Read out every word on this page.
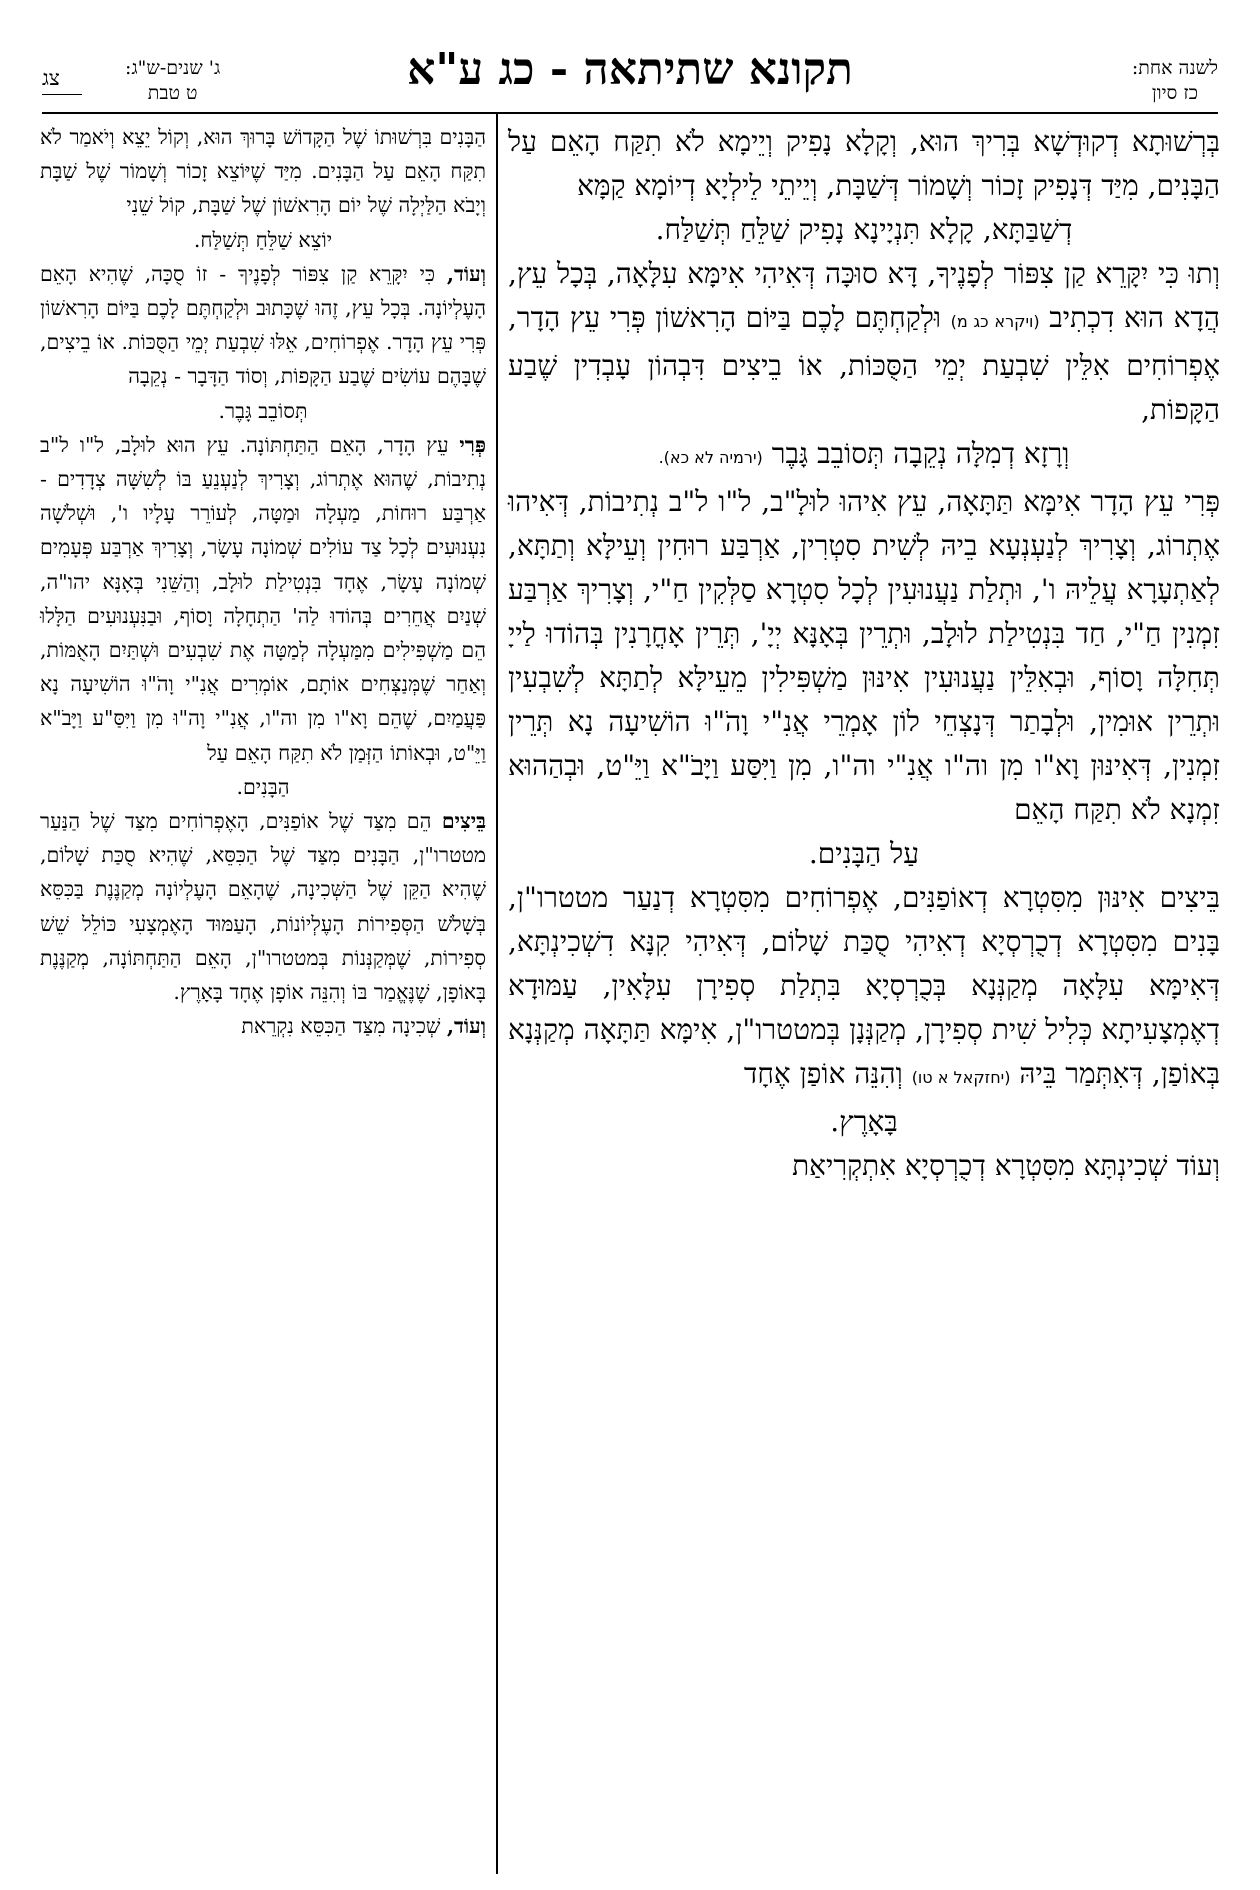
לשנה אחת:
כז סיון
תקונא שתיתאה - כג ע"א
ג' שנים-ש"ג:
ט טבת
צג

בְּרְשׁוּתָא דְקוּדְשָׁא בְּרִיךְ הוּא, וְקָלָא נָפִיק וְיֵימָא לֹא תִקַּח הָאֵם עַל הַבָּנִים, מִיַּד דְּנָפִיק זָכוֹר וְשָׁמוֹר דְּשַׁבָּת, וְיֵיתֵי לֵילְיָא דְיוֹמָא קַמָּא

דְשַׁבַּתָּא, קָלָא תִּנְיָינָא נָפִיק שַׁלֵּחַ תְּשַׁלַּח.

וְתוּ כִּי יִקָּרֵא קַן צִפּוֹר לְפָנֶיךָ, דָּא סוּכָּה דְּאִיהִי אִימָּא עִלָּאָה, בְּכָל עֵץ, הֲדָא הוּא דִכְתִיב (ויקרא כג מ) וּלְקַחְתֶּם לָכֶם בַּיּוֹם הָרִאשׁוֹן פְּרִי עֵץ הָדָר, אֶפְרוֹחִים אִלֵּין שִׁבְעַת יְמֵי הַסֻּכּוֹת, אוֹ בֵיצִים דִּבְהוֹן עָבְדִין שֶׁבַע הַקָּפוֹת,

וְרָזָא דְמִלָּה נְקֵבָה תְּסוֹבֵב גָּבֶר (ירמיה לא כא).

פְּרִי עֵץ הָדָר אִימָּא תַּתָּאָה, עֵץ אִיהוּ לוּלָ"ב, ל"ו ל"ב נְתִיבוֹת, דְּאִיהוּ אֶתְרוֹג, וְצָרִיךְ לְנַעְנְעָא בֵיהּ לְשִׁית סִטְרִין, אַרְבַּע רוּחִין וְעֵילָּא וְתַתָּא, לְאַתְעָרָא עֲלֵיהּ ו', וּתְלַת נַעֲנוּעִין לְכָל סִטְרָא סַלְּקִין חַ"י, וְצָרִיךְ אַרְבַּע זִמְנִין חַ"י, חַד בִּנְטִילַת לוּלָב, וּתְרֵין בְּאָנָּא יְיָ', תְּרֵין אָחֳרָנִין בְּהוֹדוּ לַייָ תְּחִלָּה וָסוֹף, וּבְאִלֵּין נַעֲנוּעִין אִינּוּן מַשְׁפִּילִין מֵעֵילָּא לְתַתָּא לְשִׁבְעִין וּתְרֵין אוּמִין, וּלְבָתַר דְּנָצְחֵי לוֹן אָמְרֵי אֲנִ"י וָהֹ"וּ הוֹשִׁיעָה נָא תְּרֵין זִמְנִין, דְּאִינּוּן וָא"ו מִן וה"ו אֲנִ"י וה"ו, מִן וַיִּסַּע וַיָּבֹ"א וַיֵּ"ט, וּבְהַהוּא זִמְנָא לֹא תִקַּח הָאֵם

עַל הַבָּנִים.

בֵּיצִים אִינּוּן מִסִּטְרָא דְאוֹפַנִּים, אֶפְרוֹחִים מִסִּטְרָא דְנַעַר מטטרו"ן, בָּנִים מִסִּטְרָא דְכֻרְסְיָא דְאִיהִי סֻכַּת שָׁלוֹם, דְּאִיהִי קִנָּא דִשְׁכִינְתָּא, דְּאִימָּא עִלָּאָה מְקַנְּנָא בְּכֻרְסְיָא בִּתְלַת סְפִירָן עִלָּאִין, עַמּוּדָא דְאֶמְצָעִיתָא כְּלִיל שִׁית סְפִירָן, מְקַנְּנָן בְּמטטרו"ן, אִימָּא תַּתָּאָה מְקַנְּנָא בְּאוֹפַן, דְּאִתְּמַר בֵּיהּ (יחזקאל א טו) וְהִנֵּה אוֹפַן אֶחָד

בָּאָרֶץ.

וְעוֹד שְׁכִינְתָּא מִסִּטְרָא דְכֻרְסְיָא אִתְקְרִיאַת

הַבָּנִים בִּרְשׁוּתוֹ שֶׁל הַקָּדוֹשׁ בָּרוּךְ הוּא, וְקוֹל יֵצֵא וְיֹאמַר לֹא תִקַּח הָאֵם עַל הַבָּנִים. מִיַּד שֶׁיּוֹצֵא זָכוֹר וְשָׁמוֹר שֶׁל שַׁבָּת וְיָבֹא הַלַּיְלָה שֶׁל יוֹם הָרִאשׁוֹן שֶׁל שַׁבָּת, קוֹל שֵׁנִי

יוֹצֵא שַׁלֵּחַ תְּשַׁלַּח.

וְעוֹד, כִּי יִקָּרֵא קַן צִפּוֹר לְפָנֶיךָ - זוֹ סֻכָּה, שֶׁהִיא הָאֵם הָעֶלְיוֹנָה. בְּכָל עֵץ, זֶהוּ שֶׁכָּתוּב וּלְקַחְתֶּם לָכֶם בַּיּוֹם הָרִאשׁוֹן פְּרִי עֵץ הָדָר. אֶפְרוֹחִים, אֵלּוּ שִׁבְעַת יְמֵי הַסֻּכּוֹת. אוֹ בֵיצִים, שֶׁבָּהֶם עוֹשִׂים שֶׁבַע הַקָּפוֹת, וְסוֹד הַדָּבָר - נְקֵבָה

תְּסוֹבֵב גָּבֶר.

פְּרִי עֵץ הָדָר, הָאֵם הַתַּחְתּוֹנָה. עֵץ הוּא לוּלָב, ל"ו ל"ב נְתִיבוֹת, שֶׁהוּא אֶתְרוֹג, וְצָרִיךְ לְנַעְנֵעַ בּוֹ לְשִׁשָּׁה צְדָדִים - אַרְבַּע רוּחוֹת, מַעְלָה וּמַטָּה, לְעוֹרֵר עָלָיו ו', וּשְׁלֹשָׁה נִעְנוּעִים לְכָל צַד עוֹלִים שְׁמוֹנָה עָשָׂר, וְצָרִיךְ אַרְבַּע פְּעָמִים שְׁמוֹנָה עָשָׂר, אֶחָד בִּנְטִילַת לוּלָב, וְהַשֵּׁנִי בְּאָנָּא יהו"ה, שְׁנַיִם אֲחֵרִים בְּהוֹדוּ לַה' הַתְחָלָה וָסוֹף, וּבַנִּעְנוּעִים הַלָּלוּ הֵם מַשְׁפִּילִים מִמַּעְלָה לְמַטָּה אֶת שִׁבְעִים וּשְׁתַּיִם הָאֻמּוֹת, וְאַחַר שֶׁמְּנַצְּחִים אוֹתָם, אוֹמְרִים אֲנִ"י וָהֹ"וּ הוֹשִׁיעָה נָא פַּעֲמַיִם, שֶׁהֵם וָא"ו מִן וה"ו, אֲנִ"י וָה"וּ מִן וַיִּסַּ"ע וַיָּבֹ"א וַיֵּ"ט, וּבְאוֹתוֹ הַזְּמַן לֹא תִקַּח הָאֵם עַל

הַבָּנִים.

בֵּיצִים הֵם מִצַּד שֶׁל אוֹפַנִּים, הָאֶפְרוֹחִים מִצַּד שֶׁל הַנַּעַר מטטרו"ן, הַבָּנִים מִצַּד שֶׁל הַכִּסֵּא, שֶׁהִיא סֻכַּת שָׁלוֹם, שֶׁהִיא הַקֵּן שֶׁל הַשְּׁכִינָה, שֶׁהָאֵם הָעֶלְיוֹנָה מְקַנֶּנֶת בַּכִּסֵּא בְּשָׁלֹשׁ הַסְּפִירוֹת הָעֶלְיוֹנוֹת, הָעַמּוּד הָאֶמְצָעִי כּוֹלֵל שֵׁשׁ סְפִירוֹת, שֶׁמְּקַנְּנוֹת בְּמטטרו"ן, הָאֵם הַתַּחְתּוֹנָה, מְקַנֶּנֶת בָּאוֹפָן, שֶׁנֶּאֱמַר בּוֹ וְהִנֵּה אוֹפָן אֶחָד בָּאָרֶץ.

וְעוֹד, שְׁכִינָה מִצַּד הַכִּסֵּא נִקְרֵאת
